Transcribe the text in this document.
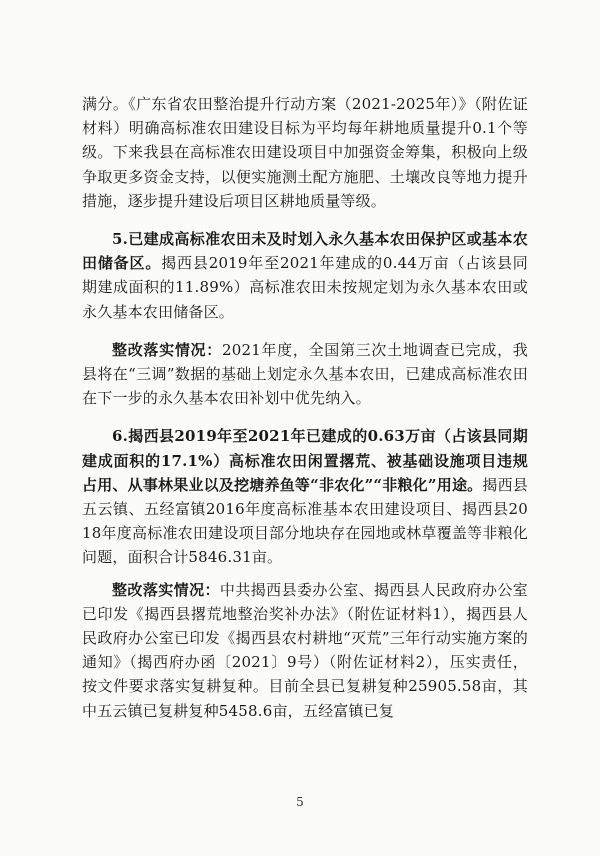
满分。《广东省农田整治提升行动方案（2021-2025年）》（附佐证材料）明确高标准农田建设目标为平均每年耕地质量提升0.1个等级。下来我县在高标准农田建设项目中加强资金筹集，积极向上级争取更多资金支持，以便实施测土配方施肥、土壤改良等地力提升措施，逐步提升建设后项目区耕地质量等级。

5.已建成高标准农田未及时划入永久基本农田保护区或基本农田储备区。揭西县2019年至2021年建成的0.44万亩（占该县同期建成面积的11.89%）高标准农田未按规定划为永久基本农田或永久基本农田储备区。

整改落实情况：2021年度，全国第三次土地调查已完成，我县将在“三调”数据的基础上划定永久基本农田，已建成高标准农田在下一步的永久基本农田补划中优先纳入。

6.揭西县2019年至2021年已建成的0.63万亩（占该县同期建成面积的17.1%）高标准农田闲置撂荒、被基础设施项目违规占用、从事林果业以及挖塘养鱼等“非农化”“非粮化”用途。揭西县五云镇、五经富镇2016年度高标准基本农田建设项目、揭西县2018年度高标准农田建设项目部分地块存在园地或林草覆盖等非粮化问题，面积合计5846.31亩。

整改落实情况：中共揭西县委办公室、揭西县人民政府办公室已印发《揭西县撂荒地整治奖补办法》（附佐证材料1），揭西县人民政府办公室已印发《揭西县农村耕地“灭荒”三年行动实施方案的通知》（揭西府办函〔2021〕9号）（附佐证材料2），压实责任，按文件要求落实复耕复种。目前全县已复耕复种25905.58亩，其中五云镇已复耕复种5458.6亩，五经富镇已复

5
